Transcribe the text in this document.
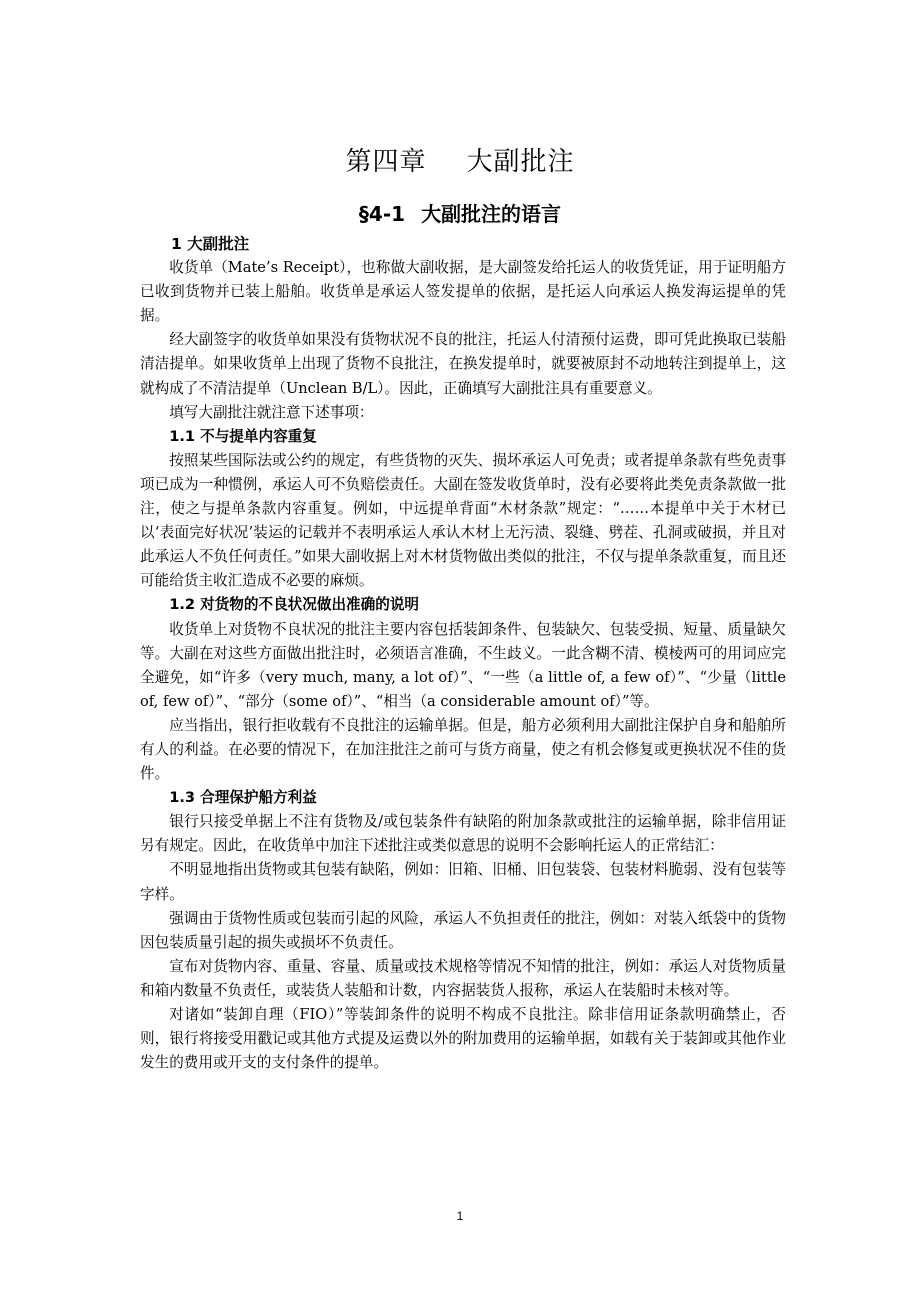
第四章 大副批注
§4-1 大副批注的语言

1 大副批注

收货单（Mate’s Receipt），也称做大副收据，是大副签发给托运人的收货凭证，用于证明船方已收到货物并已装上船舶。收货单是承运人签发提单的依据，是托运人向承运人换发海运提单的凭据。

经大副签字的收货单如果没有货物状况不良的批注，托运人付清预付运费，即可凭此换取已装船清洁提单。如果收货单上出现了货物不良批注，在换发提单时，就要被原封不动地转注到提单上，这就构成了不清洁提单（Unclean B/L）。因此，正确填写大副批注具有重要意义。

填写大副批注就注意下述事项：

1.1 不与提单内容重复

按照某些国际法或公约的规定，有些货物的灭失、损坏承运人可免责；或者提单条款有些免责事项已成为一种惯例，承运人可不负赔偿责任。大副在签发收货单时，没有必要将此类免责条款做一批注，使之与提单条款内容重复。例如，中远提单背面“木材条款”规定：“……本提单中关于木材已以‘表面完好状况’装运的记载并不表明承运人承认木材上无污渍、裂缝、劈茬、孔洞或破损，并且对此承运人不负任何责任。”如果大副收据上对木材货物做出类似的批注，不仅与提单条款重复，而且还可能给货主收汇造成不必要的麻烦。

1.2 对货物的不良状况做出准确的说明

收货单上对货物不良状况的批注主要内容包括装卸条件、包装缺欠、包装受损、短量、质量缺欠等。大副在对这些方面做出批注时，必须语言准确，不生歧义。一此含糊不清、模棱两可的用词应完全避免，如“许多（very much, many, a lot of）”、“一些（a little of, a few of）”、“少量（little of, few of）”、“部分（some of）”、“相当（a considerable amount of）”等。

应当指出，银行拒收载有不良批注的运输单据。但是，船方必须利用大副批注保护自身和船舶所有人的利益。在必要的情况下，在加注批注之前可与货方商量，使之有机会修复或更换状况不佳的货件。

1.3 合理保护船方利益

银行只接受单据上不注有货物及/或包装条件有缺陷的附加条款或批注的运输单据，除非信用证另有规定。因此，在收货单中加注下述批注或类似意思的说明不会影响托运人的正常结汇：

不明显地指出货物或其包装有缺陷，例如：旧箱、旧桶、旧包装袋、包装材料脆弱、没有包装等字样。

强调由于货物性质或包装而引起的风险，承运人不负担责任的批注，例如：对装入纸袋中的货物因包装质量引起的损失或损坏不负责任。

宣布对货物内容、重量、容量、质量或技术规格等情况不知情的批注，例如：承运人对货物质量和箱内数量不负责任，或装货人装船和计数，内容据装货人报称，承运人在装船时未核对等。

对诸如“装卸自理（FIO）”等装卸条件的说明不构成不良批注。除非信用证条款明确禁止，否则，银行将接受用戳记或其他方式提及运费以外的附加费用的运输单据，如载有关于装卸或其他作业发生的费用或开支的支付条件的提单。

1
